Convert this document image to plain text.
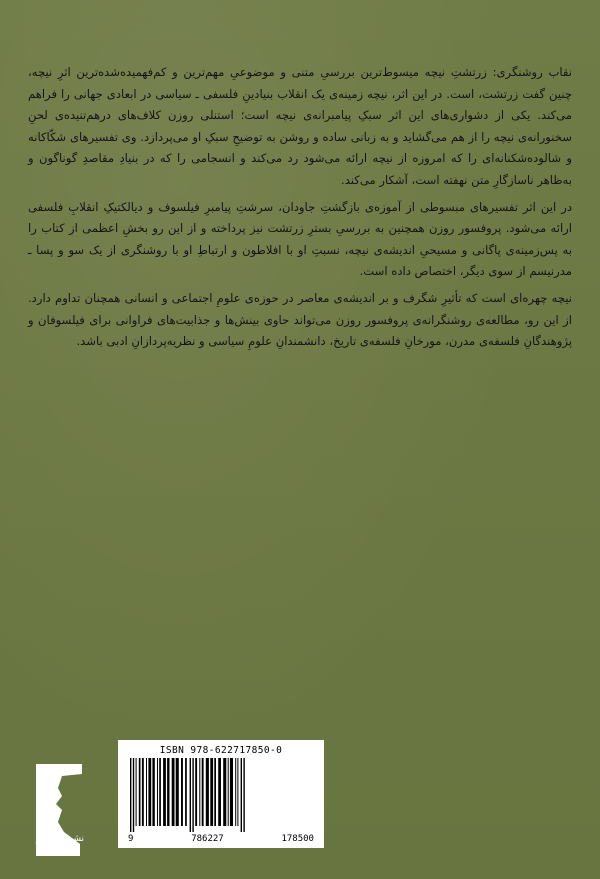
نقاب روشنگری: زرتشتِ نیچه میسوط‌ترین بررسیِ متنی و موضوعیِ مهم‌ترین و کم‌فهمیده‌شده‌ترین اثرِ نیچه، چنین گفت زرتشت، است. در این اثر، نیچه زمینه‌ی یک انقلاب بنیادینِ فلسفی ـ سیاسی در ابعادی جهانی را فراهم می‌کند. یکی از دشواری‌های این اثر سبکِ پیامبرانه‌ی نیچه است؛ استنلی روزن کلاف‌های درهم‌تنیده‌ی لحنِ سخنورانه‌ی نیچه را از هم می‌گشاید و به زبانی ساده و روشن به توضیحِ سبکِ او می‌پردازد. وی تفسیرهای شکّاکانه و شالوده‌شکنانه‌ای را که امروزه از نیچه ارائه می‌شود رد می‌کند و انسجامی را که در بنیادِ مقاصدِ گوناگون و به‌ظاهر ناسازگارِ متن نهفته است، آشکار می‌کند.

در این اثر تفسیرهای مبسوطی از آموزه‌ی بازگشتِ جاودان، سرشتِ پیامبرِ فیلسوف و دیالکتیکِ انقلابِ فلسفی ارائه می‌شود. پروفسور روزن همچنین به بررسیِ بسترِ زرتشت نیز پرداخته و از این رو بخشِ اعظمی از کتاب را به پس‌زمینه‌ی پاگانی و مسیحیِ اندیشه‌ی نیچه، نسبتِ او با افلاطون و ارتباطِ او با روشنگری از یک سو و پسا ـ مدرنیسم از سوی دیگر، اختصاص داده است.

نیچه چهره‌ای است که تأثیرِ شگرف و بر اندیشه‌ی معاصر در حوزه‌ی علومِ اجتماعی و انسانی همچنان تداوم دارد. از این رو، مطالعه‌ی روشنگرانه‌ی پروفسور روزن می‌تواند حاوی بینش‌ها و جذابیت‌های فراوانی برای فیلسوفان و پژوهندگانِ فلسفه‌ی مدرن، مورخانِ فلسفه‌ی تاریخ، دانشمندانِ علومِ سیاسی و نظریه‌پردازانِ ادبی باشد.

نشر شب‌خیز
ISBN 978-622717850-0
9	786227	178500
